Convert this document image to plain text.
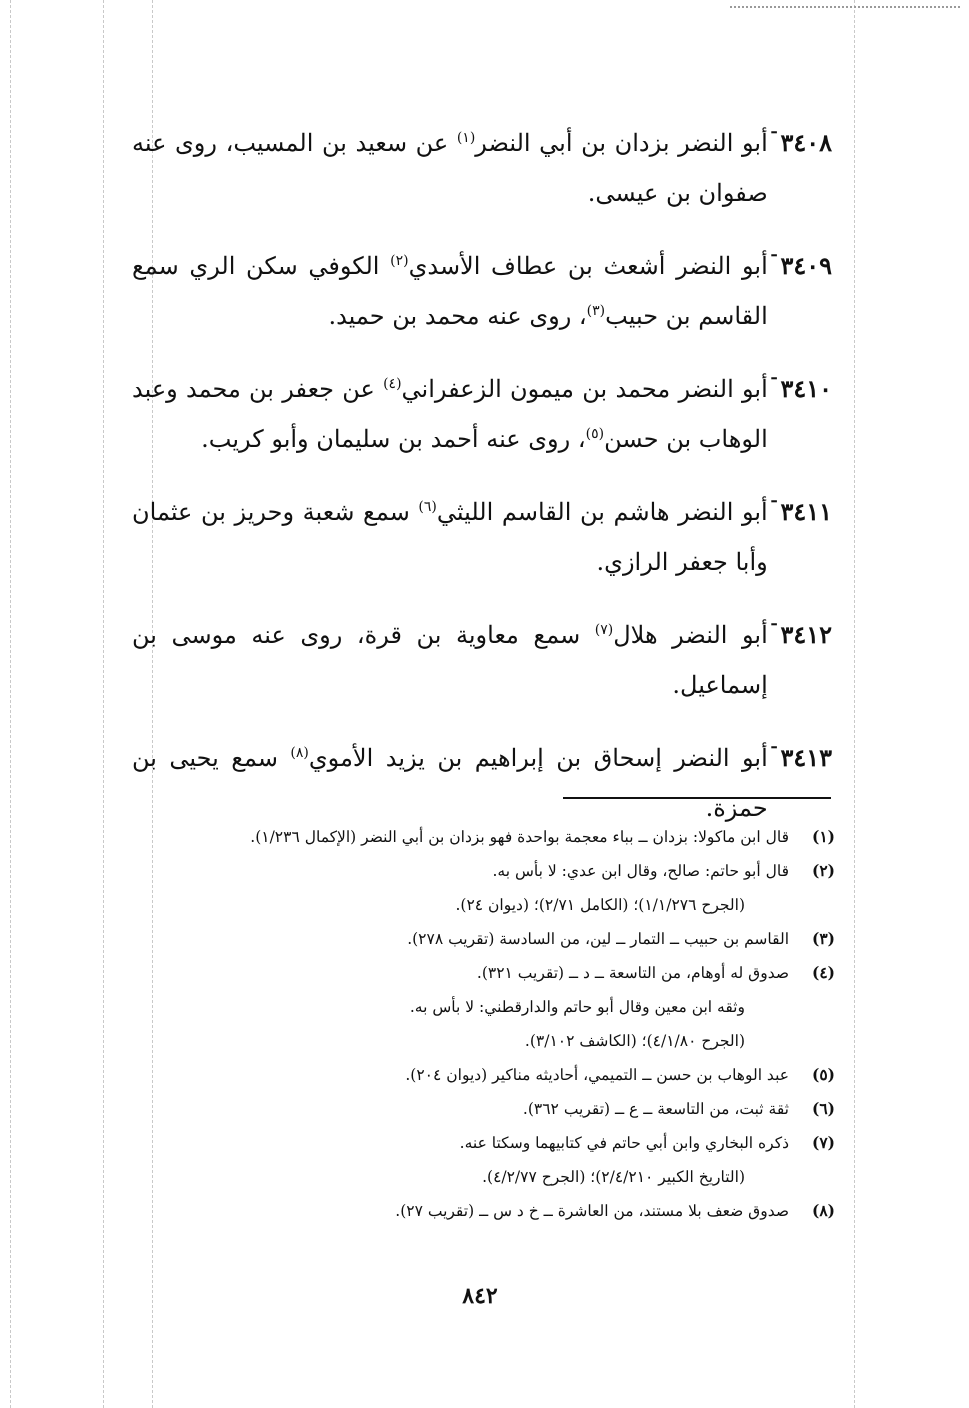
٣٤٠٨
ـ
أبو النضر بزدان بن أبي النضر$^{(١)}$ عن سعيد بن المسيب، روى عنه صفوان بن عيسى.
٣٤٠٩
ـ
أبو النضر أشعث بن عطاف الأسدي$^{(٢)}$ الكوفي سكن الري سمع القاسم بن حبيب$^{(٣)}$، روى عنه محمد بن حميد.
٣٤١٠
ـ
أبو النضر محمد بن ميمون الزعفراني$^{(٤)}$ عن جعفر بن محمد وعبد الوهاب بن حسن$^{(٥)}$، روى عنه أحمد بن سليمان وأبو كريب.
٣٤١١
ـ
أبو النضر هاشم بن القاسم الليثي$^{(٦)}$ سمع شعبة وحريز بن عثمان وأبا جعفر الرازي.
٣٤١٢
ـ
أبو النضر هلال$^{(٧)}$ سمع معاوية بن قرة، روى عنه موسى بن إسماعيل.
٣٤١٣
ـ
أبو النضر إسحاق بن إبراهيم بن يزيد الأموي$^{(٨)}$ سمع يحيى بن حمزة.
(١)
قال ابن ماكولا: بزدان ــ بباء معجمة بواحدة فهو بزدان بن أبي النضر (الإكمال ١/٢٣٦).
(٢)
قال أبو حاتم: صالح، وقال ابن عدي: لا بأس به.
(الجرح ١/١/٢٧٦)؛ (الكامل ٢/٧١)؛ (ديوان ٢٤).
(٣)
القاسم بن حبيب ــ التمار ــ لين، من السادسة (تقريب ٢٧٨).
(٤)
صدوق له أوهام، من التاسعة ــ د ــ (تقريب ٣٢١).
وثقه ابن معين وقال أبو حاتم والدارقطني: لا بأس به.
(الجرح ٤/١/٨٠)؛ (الكاشف ٣/١٠٢).
(٥)
عبد الوهاب بن حسن ــ التميمي، أحاديثه مناكير (ديوان ٢٠٤).
(٦)
ثقة ثبت، من التاسعة ــ ع ــ (تقريب ٣٦٢).
(٧)
ذكره البخاري وابن أبي حاتم في كتابيهما وسكتا عنه.
(التاريخ الكبير ٢/٤/٢١٠)؛ (الجرح ٤/٢/٧٧).
(٨)
صدوق ضعف بلا مستند، من العاشرة ــ خ د س ــ (تقريب ٢٧).
٨٤٢
